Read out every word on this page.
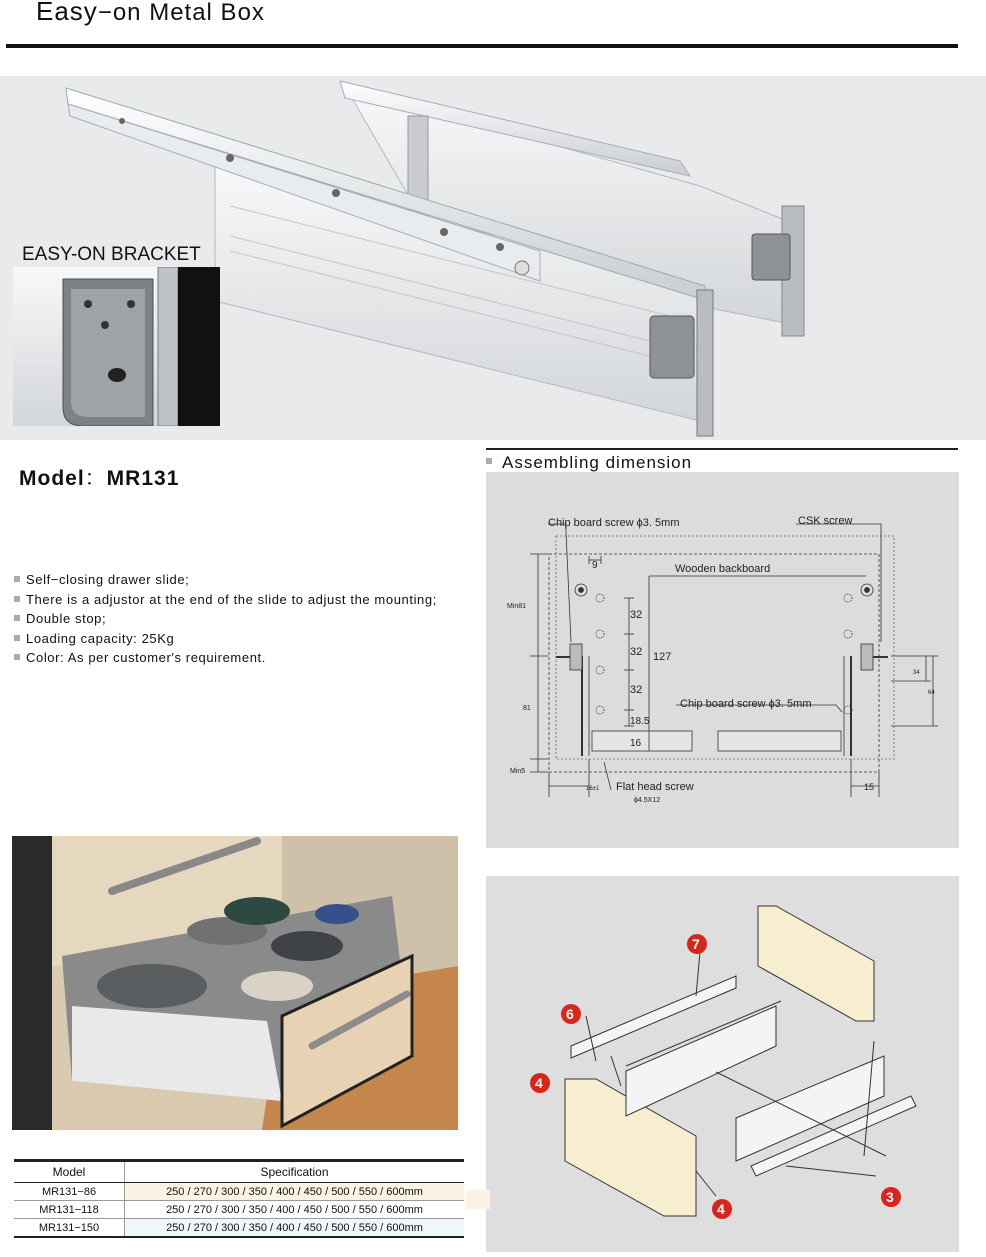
Easy−on Metal Box
EASY-ON BRACKET
Model：MR131
Self−closing drawer slide;
There is a adjustor at the end of the slide to adjust the mounting;
Double stop;
Loading capacity: 25Kg
Color: As per customer′s requirement.
Assembling dimension
Chip board screw ϕ3. 5mm	CSK screw
Wooden backboard
Chip board screw ϕ3. 5mm
Flat head screw
ϕ4.5X12
9
32
32
32
127
18.5
16
34
64
Min81
81
Min5
16±1	15
7
6
4
4
3
Model	Specification
MR131−86	250 / 270 / 300 / 350 / 400 / 450 / 500 / 550 / 600mm
MR131−118	250 / 270 / 300 / 350 / 400 / 450 / 500 / 550 / 600mm
MR131−150	250 / 270 / 300 / 350 / 400 / 450 / 500 / 550 / 600mm
